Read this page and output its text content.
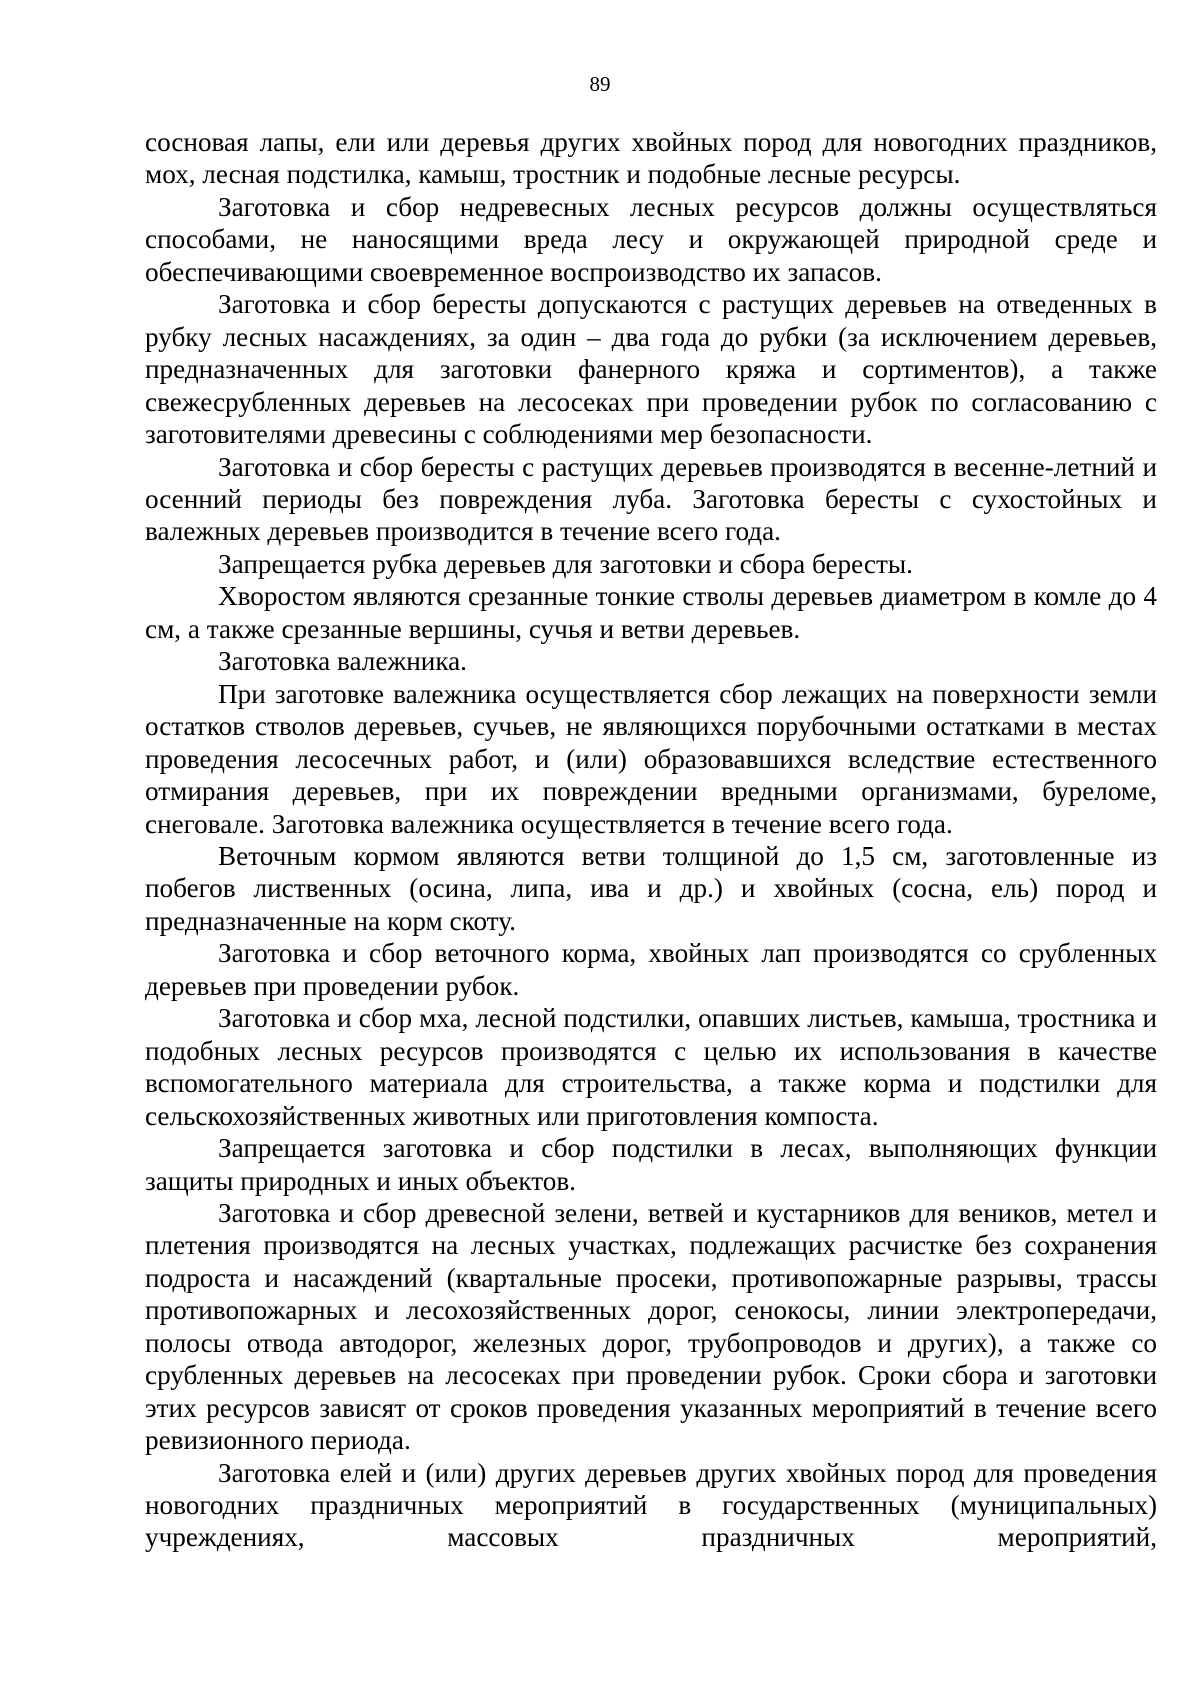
89

сосновая лапы, ели или деревья других хвойных пород для новогодних праздников, мох, лесная подстилка, камыш, тростник и подобные лесные ресурсы.

Заготовка и сбор недревесных лесных ресурсов должны осуществляться способами, не наносящими вреда лесу и окружающей природной среде и обеспечивающими своевременное воспроизводство их запасов.

Заготовка и сбор бересты допускаются с растущих деревьев на отведенных в рубку лесных насаждениях, за один – два года до рубки (за исключением деревьев, предназначенных для заготовки фанерного кряжа и сортиментов), а также свежесрубленных деревьев на лесосеках при проведении рубок по согласованию с заготовителями древесины с соблюдениями мер безопасности.

Заготовка и сбор бересты с растущих деревьев производятся в весенне-летний и осенний периоды без повреждения луба. Заготовка бересты с сухостойных и валежных деревьев производится в течение всего года.

Запрещается рубка деревьев для заготовки и сбора бересты.

Хворостом являются срезанные тонкие стволы деревьев диаметром в комле до 4 см, а также срезанные вершины, сучья и ветви деревьев.

Заготовка валежника.

При заготовке валежника осуществляется сбор лежащих на поверхности земли остатков стволов деревьев, сучьев, не являющихся порубочными остатками в местах проведения лесосечных работ, и (или) образовавшихся вследствие естественного отмирания деревьев, при их повреждении вредными организмами, буреломе, снеговале. Заготовка валежника осуществляется в течение всего года.

Веточным кормом являются ветви толщиной до 1,5 см, заготовленные из побегов лиственных (осина, липа, ива и др.) и хвойных (сосна, ель) пород и предназначенные на корм скоту.

Заготовка и сбор веточного корма, хвойных лап производятся со срубленных деревьев при проведении рубок.

Заготовка и сбор мха, лесной подстилки, опавших листьев, камыша, тростника и подобных лесных ресурсов производятся с целью их использования в качестве вспомогательного материала для строительства, а также корма и подстилки для сельскохозяйственных животных или приготовления компоста.

Запрещается заготовка и сбор подстилки в лесах, выполняющих функции защиты природных и иных объектов.

Заготовка и сбор древесной зелени, ветвей и кустарников для веников, метел и плетения производятся на лесных участках, подлежащих расчистке без сохранения подроста и насаждений (квартальные просеки, противопожарные разрывы, трассы противопожарных и лесохозяйственных дорог, сенокосы, линии электропередачи, полосы отвода автодорог, железных дорог, трубопроводов и других), а также со срубленных деревьев на лесосеках при проведении рубок. Сроки сбора и заготовки этих ресурсов зависят от сроков проведения указанных мероприятий в течение всего ревизионного периода.

Заготовка елей и (или) других деревьев других хвойных пород для проведения новогодних праздничных мероприятий в государственных (муниципальных) учреждениях, массовых праздничных мероприятий,
